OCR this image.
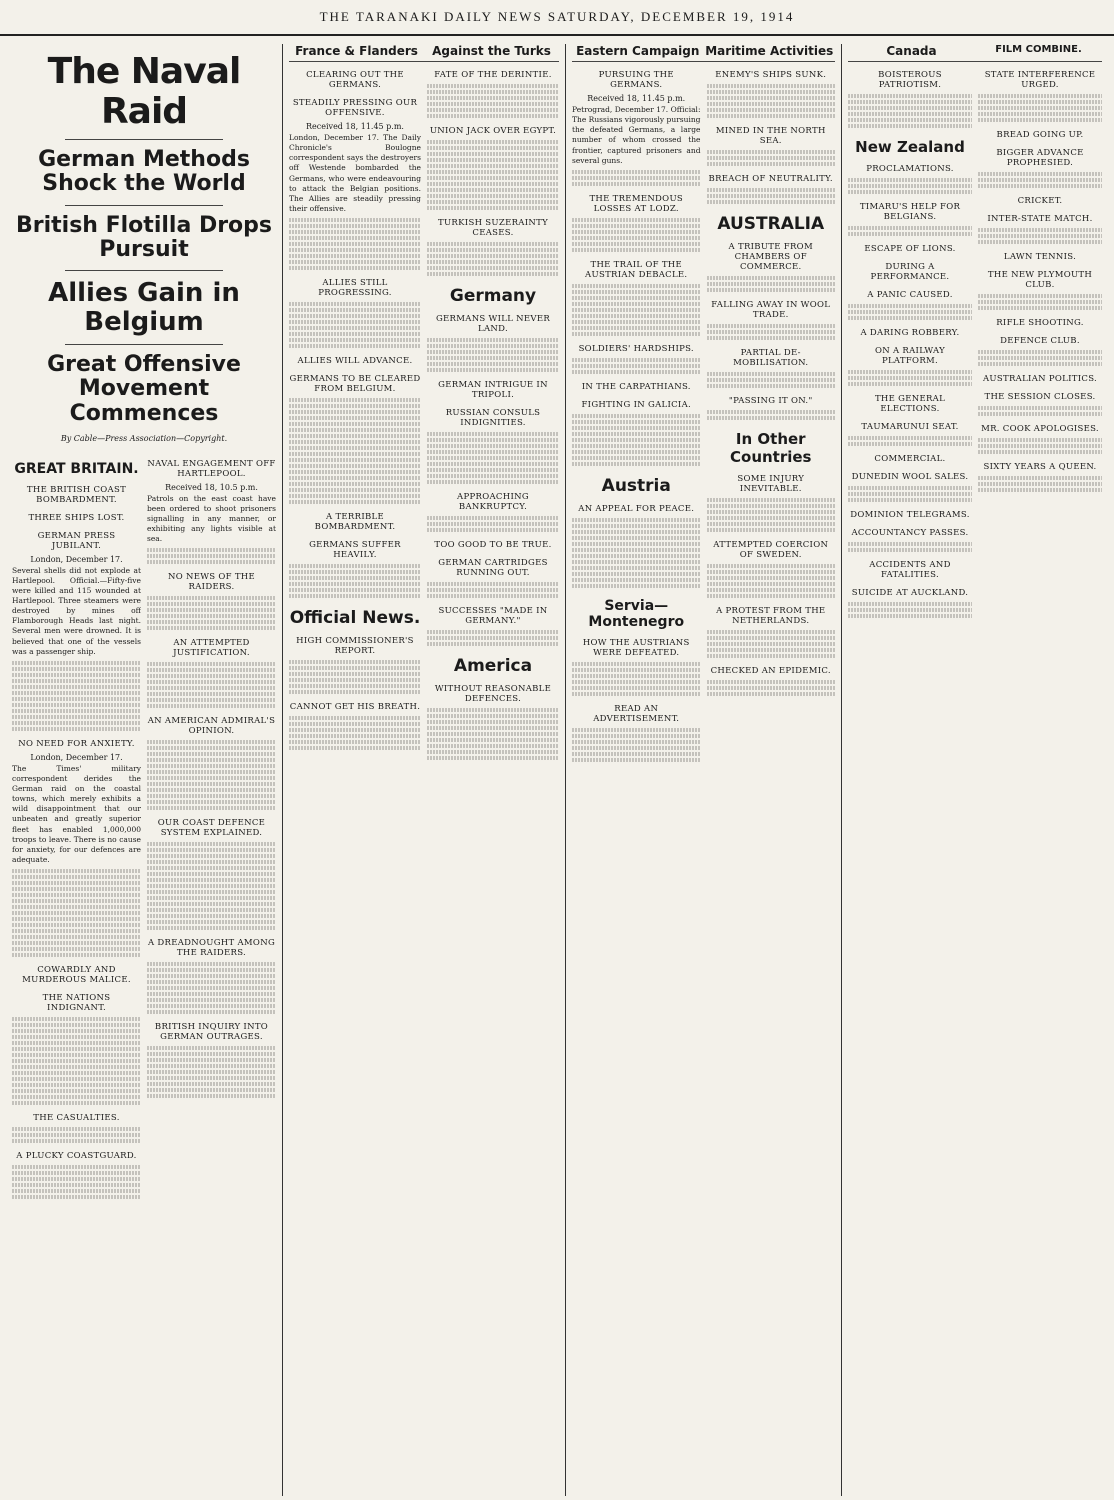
THE TARANAKI DAILY NEWS SATURDAY, DECEMBER 19, 1914
The Naval Raid
German Methods Shock the World
British Flotilla Drops Pursuit
Allies Gain in Belgium
Great Offensive Movement Commences
By Cable—Press Association—Copyright.
GREAT BRITAIN.
THE BRITISH COAST BOMBARDMENT.
THREE SHIPS LOST.
GERMAN PRESS JUBILANT.
London, December 17.

Several shells did not explode at Hartlepool. Official.—Fifty-five were killed and 115 wounded at Hartlepool. Three steamers were destroyed by mines off Flamborough Heads last night. Several men were drowned. It is believed that one of the vessels was a passenger ship.

NO NEED FOR ANXIETY.
London, December 17.

The Times' military correspondent derides the German raid on the coastal towns, which merely exhibits a wild disappointment that our unbeaten and greatly superior fleet has enabled 1,000,000 troops to leave. There is no cause for anxiety, for our defences are adequate.

COWARDLY AND MURDEROUS MALICE.
THE NATIONS INDIGNANT.
THE CASUALTIES.
A PLUCKY COASTGUARD.
NAVAL ENGAGEMENT OFF HARTLEPOOL.
Received 18, 10.5 p.m.

Patrols on the east coast have been ordered to shoot prisoners signalling in any manner, or exhibiting any lights visible at sea.

NO NEWS OF THE RAIDERS.
AN ATTEMPTED JUSTIFICATION.
AN AMERICAN ADMIRAL'S OPINION.
OUR COAST DEFENCE SYSTEM EXPLAINED.
A DREADNOUGHT AMONG THE RAIDERS.
BRITISH INQUIRY INTO GERMAN OUTRAGES.
France & Flanders	Against the Turks
CLEARING OUT THE GERMANS.
STEADILY PRESSING OUR OFFENSIVE.
Received 18, 11.45 p.m.

London, December 17. The Daily Chronicle's Boulogne correspondent says the destroyers off Westende bombarded the Germans, who were endeavouring to attack the Belgian positions. The Allies are steadily pressing their offensive.

ALLIES STILL PROGRESSING.
ALLIES WILL ADVANCE.
GERMANS TO BE CLEARED FROM BELGIUM.
A TERRIBLE BOMBARDMENT.
GERMANS SUFFER HEAVILY.
Official News.
HIGH COMMISSIONER'S REPORT.
CANNOT GET HIS BREATH.
FATE OF THE DERINTIE.
UNION JACK OVER EGYPT.
TURKISH SUZERAINTY CEASES.
Germany
GERMANS WILL NEVER LAND.
GERMAN INTRIGUE IN TRIPOLI.
RUSSIAN CONSULS INDIGNITIES.
APPROACHING BANKRUPTCY.
TOO GOOD TO BE TRUE.
GERMAN CARTRIDGES RUNNING OUT.
SUCCESSES "MADE IN GERMANY."
America
WITHOUT REASONABLE DEFENCES.
Eastern Campaign Maritime Activities
PURSUING THE GERMANS.
Received 18, 11.45 p.m.

Petrograd, December 17. Official: The Russians vigorously pursuing the defeated Germans, a large number of whom crossed the frontier, captured prisoners and several guns.

THE TREMENDOUS LOSSES AT LODZ.
THE TRAIL OF THE AUSTRIAN DEBACLE.
SOLDIERS' HARDSHIPS.
IN THE CARPATHIANS.
FIGHTING IN GALICIA.
Austria
AN APPEAL FOR PEACE.
Servia—Montenegro
HOW THE AUSTRIANS WERE DEFEATED.
READ AN ADVERTISEMENT.
ENEMY'S SHIPS SUNK.
MINED IN THE NORTH SEA.
BREACH OF NEUTRALITY.
AUSTRALIA
A TRIBUTE FROM CHAMBERS OF COMMERCE.
FALLING AWAY IN WOOL TRADE.
PARTIAL DE-MOBILISATION.
"PASSING IT ON."
In Other Countries
SOME INJURY INEVITABLE.
ATTEMPTED COERCION OF SWEDEN.
A PROTEST FROM THE NETHERLANDS.
CHECKED AN EPIDEMIC.
Canada	FILM COMBINE.
BOISTEROUS PATRIOTISM.
New Zealand
PROCLAMATIONS.
TIMARU'S HELP FOR BELGIANS.
ESCAPE OF LIONS.
DURING A PERFORMANCE.
A PANIC CAUSED.
A DARING ROBBERY.
ON A RAILWAY PLATFORM.
THE GENERAL ELECTIONS.
TAUMARUNUI SEAT.
COMMERCIAL.
DUNEDIN WOOL SALES.
DOMINION TELEGRAMS.
ACCOUNTANCY PASSES.
ACCIDENTS AND FATALITIES.
SUICIDE AT AUCKLAND.
STATE INTERFERENCE URGED.
BREAD GOING UP.
BIGGER ADVANCE PROPHESIED.
CRICKET.
INTER-STATE MATCH.
LAWN TENNIS.
THE NEW PLYMOUTH CLUB.
RIFLE SHOOTING.
DEFENCE CLUB.
AUSTRALIAN POLITICS.
THE SESSION CLOSES.
MR. COOK APOLOGISES.
SIXTY YEARS A QUEEN.
